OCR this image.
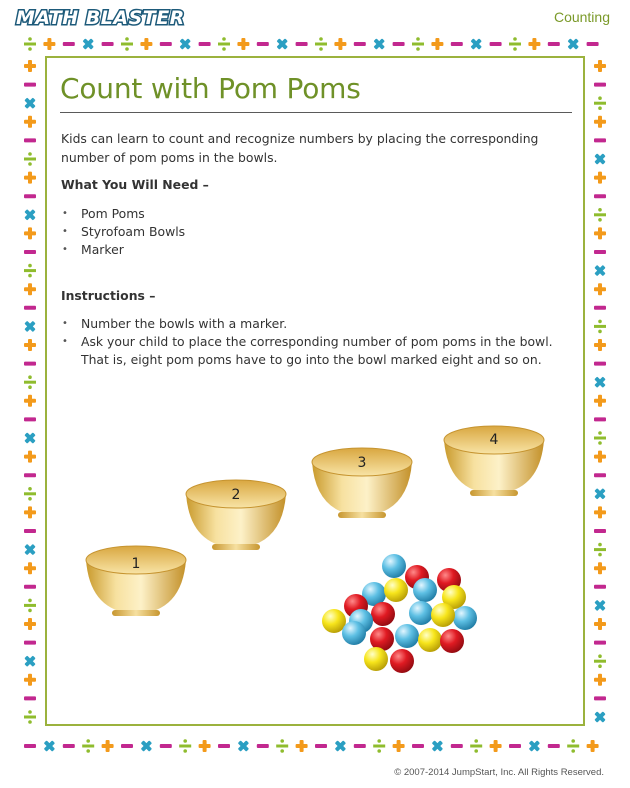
MATH BLASTER	Counting
Count with Pom Poms

Kids can learn to count and recognize numbers by placing the corresponding number of pom poms in the bowls.

What You Will Need –

• Pom Poms
• Styrofoam Bowls
• Marker

Instructions –

• Number the bowls with a marker.
• Ask your child to place the corresponding number of pom poms in the bowl. That is, eight pom poms have to go into the bowl marked eight and so on.
1
2
3
4
© 2007-2014 JumpStart, Inc. All Rights Reserved.
